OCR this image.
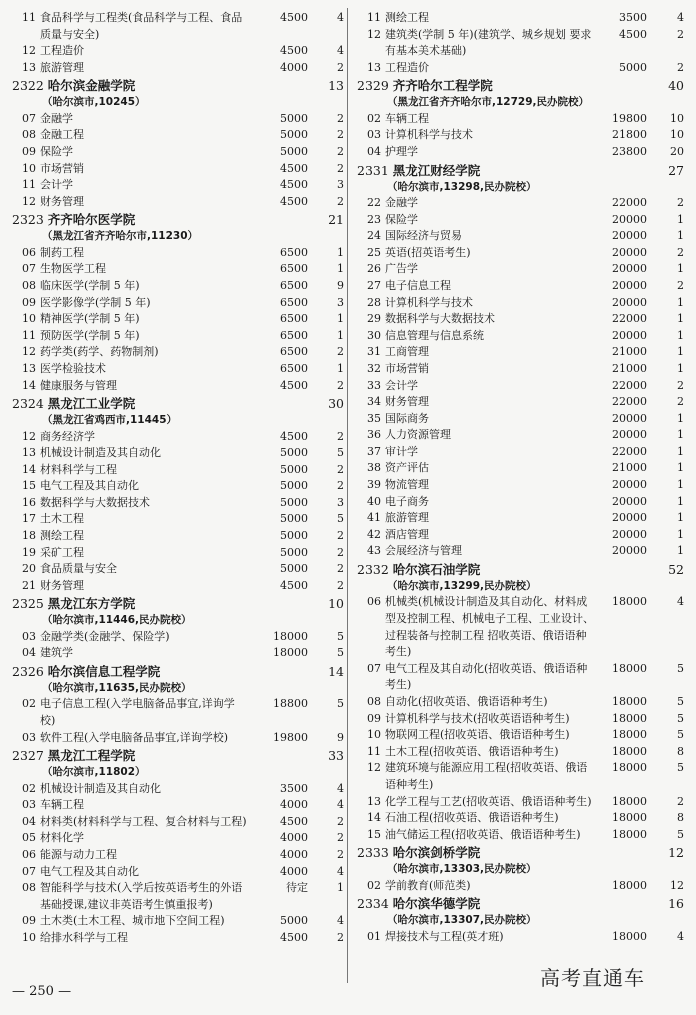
11 食品科学与工程类(食品科学与工程、食品质量与安全)
4500	4
12 工程造价	4500	4
13 旅游管理	4000	2
2322 哈尔滨金融学院	13
（哈尔滨市,10245）
07 金融学	5000	2
08 金融工程	5000	2
09 保险学	5000	2
10 市场营销	4500	2
11 会计学	4500	3
12 财务管理	4500	2
2323 齐齐哈尔医学院	21
（黑龙江省齐齐哈尔市,11230）
06 制药工程	6500	1
07 生物医学工程	6500	1
08 临床医学(学制 5 年)	6500	9
09 医学影像学(学制 5 年)	6500	3
10 精神医学(学制 5 年)	6500	1
11 预防医学(学制 5 年)	6500	1
12 药学类(药学、药物制剂)	6500	2
13 医学检验技术	6500	1
14 健康服务与管理	4500	2
2324 黑龙江工业学院	30
（黑龙江省鸡西市,11445）
12 商务经济学	4500	2
13 机械设计制造及其自动化	5000	5
14 材料科学与工程	5000	2
15 电气工程及其自动化	5000	2
16 数据科学与大数据技术	5000	3
17 土木工程	5000	5
18 测绘工程	5000	2
19 采矿工程	5000	2
20 食品质量与安全	5000	2
21 财务管理	4500	2
2325 黑龙江东方学院	10
（哈尔滨市,11446,民办院校）
03 金融学类(金融学、保险学)	18000	5
04 建筑学	18000	5
2326 哈尔滨信息工程学院	14
（哈尔滨市,11635,民办院校）
02 电子信息工程(入学电脑备品事宜,详询学校)
18800	5
03 软件工程(入学电脑备品事宜,详询学校)	19800	9
2327 黑龙江工程学院	33
（哈尔滨市,11802）
02 机械设计制造及其自动化	3500	4
03 车辆工程	4000	4
04 材料类(材料科学与工程、复合材料与工程)	4500	2
05 材料化学	4000	2
06 能源与动力工程	4000	2
07 电气工程及其自动化	4000	4
08 智能科学与技术(入学后按英语考生的外语基础授课,建议非英语考生慎重报考)
待定	1
09 土木类(土木工程、城市地下空间工程)	5000	4
10 给排水科学与工程	4500	2
11 测绘工程	3500	4
12 建筑类(学制 5 年)(建筑学、城乡规划 要求有基本美术基础)
4500	2
13 工程造价	5000	2
2329 齐齐哈尔工程学院	40
（黑龙江省齐齐哈尔市,12729,民办院校）
02 车辆工程	19800	10
03 计算机科学与技术	21800	10
04 护理学	23800	20
2331 黑龙江财经学院	27
（哈尔滨市,13298,民办院校）
22 金融学	22000	2
23 保险学	20000	1
24 国际经济与贸易	20000	1
25 英语(招英语考生)	20000	2
26 广告学	20000	1
27 电子信息工程	20000	2
28 计算机科学与技术	20000	1
29 数据科学与大数据技术	22000	1
30 信息管理与信息系统	20000	1
31 工商管理	21000	1
32 市场营销	21000	1
33 会计学	22000	2
34 财务管理	22000	2
35 国际商务	20000	1
36 人力资源管理	20000	1
37 审计学	22000	1
38 资产评估	21000	1
39 物流管理	20000	1
40 电子商务	20000	1
41 旅游管理	20000	1
42 酒店管理	20000	1
43 会展经济与管理	20000	1
2332 哈尔滨石油学院	52
（哈尔滨市,13299,民办院校）
06 机械类(机械设计制造及其自动化、材料成型及控制工程、机械电子工程、工业设计、过程装备与控制工程 招收英语、俄语语种考生)
18000	4
07 电气工程及其自动化(招收英语、俄语语种考生)
18000	5
08 自动化(招收英语、俄语语种考生)	18000	5
09 计算机科学与技术(招收英语语种考生)	18000	5
10 物联网工程(招收英语、俄语语种考生)	18000	5
11 土木工程(招收英语、俄语语种考生)	18000	8
12 建筑环境与能源应用工程(招收英语、俄语语种考生)
18000	5
13 化学工程与工艺(招收英语、俄语语种考生)	18000	2
14 石油工程(招收英语、俄语语种考生)	18000	8
15 油气储运工程(招收英语、俄语语种考生)	18000	5
2333 哈尔滨剑桥学院	12
（哈尔滨市,13303,民办院校）
02 学前教育(师范类)	18000	12
2334 哈尔滨华德学院	16
（哈尔滨市,13307,民办院校）
01 焊接技术与工程(英才班)	18000	4
— 250 —
高考直通车
